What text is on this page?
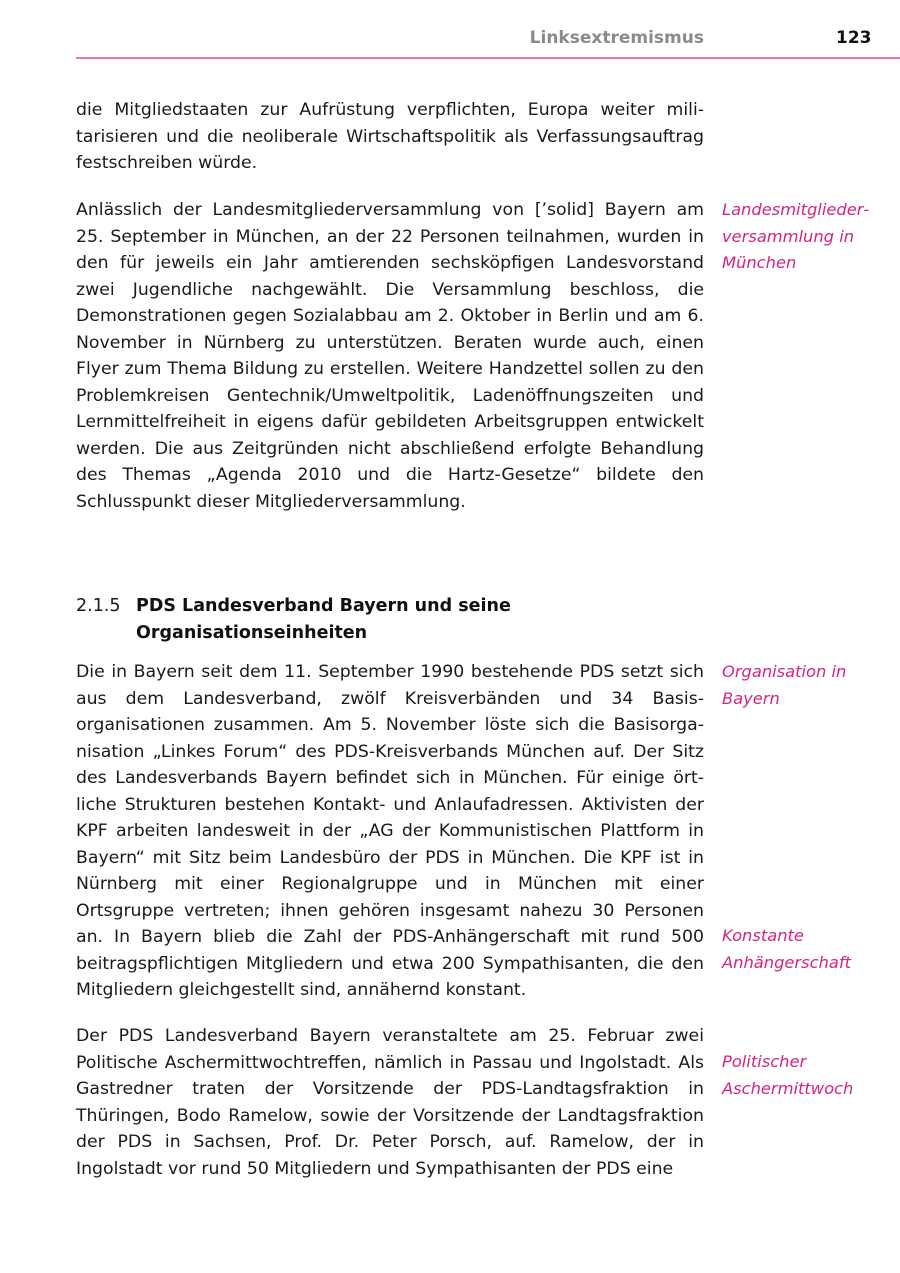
Linksextremismus	123

die Mitgliedstaaten zur Aufrüstung verpflichten, Europa weiter militarisieren und die neoliberale Wirtschaftspolitik als Verfassungsauftrag festschreiben würde.

Anlässlich der Landesmitgliederversammlung von [’solid] Bayern am 25. September in München, an der 22 Personen teilnahmen, wurden in den für jeweils ein Jahr amtierenden sechsköpfigen Landesvorstand zwei Jugendliche nachgewählt. Die Versammlung beschloss, die Demonstrationen gegen Sozialabbau am 2. Oktober in Berlin und am 6. November in Nürnberg zu unterstützen. Beraten wurde auch, einen Flyer zum Thema Bildung zu erstellen. Weitere Handzettel sollen zu den Problemkreisen Gentechnik/Umweltpolitik, Ladenöffnungszeiten und Lernmittelfreiheit in eigens dafür gebildeten Arbeitsgruppen entwickelt werden. Die aus Zeitgründen nicht abschließend erfolgte Behandlung des Themas „Agenda 2010 und die Hartz-Gesetze“ bildete den Schlusspunkt dieser Mitgliederversammlung.

2.1.5 PDS Landesverband Bayern und seine Organisationseinheiten

Die in Bayern seit dem 11. September 1990 bestehende PDS setzt sich aus dem Landesverband, zwölf Kreisverbänden und 34 Basisorganisationen zusammen. Am 5. November löste sich die Basisorganisation „Linkes Forum“ des PDS-Kreisverbands München auf. Der Sitz des Landesverbands Bayern befindet sich in München. Für einige örtliche Strukturen bestehen Kontakt- und Anlaufadressen. Aktivisten der KPF arbeiten landesweit in der „AG der Kommunistischen Plattform in Bayern“ mit Sitz beim Landesbüro der PDS in München. Die KPF ist in Nürnberg mit einer Regionalgruppe und in München mit einer Ortsgruppe vertreten; ihnen gehören insgesamt nahezu 30 Personen an. In Bayern blieb die Zahl der PDS-Anhängerschaft mit rund 500 beitragspflichtigen Mitgliedern und etwa 200 Sympathisanten, die den Mitgliedern gleichgestellt sind, annähernd konstant.

Der PDS Landesverband Bayern veranstaltete am 25. Februar zwei Politische Aschermittwochtreffen, nämlich in Passau und Ingolstadt. Als Gastredner traten der Vorsitzende der PDS-Landtagsfraktion in Thüringen, Bodo Ramelow, sowie der Vorsitzende der Landtagsfraktion der PDS in Sachsen, Prof. Dr. Peter Porsch, auf. Ramelow, der in Ingolstadt vor rund 50 Mitgliedern und Sympathisanten der PDS eine

Landesmitgliederversammlung in München
Organisation in Bayern
Konstante Anhängerschaft
Politischer Aschermittwoch
